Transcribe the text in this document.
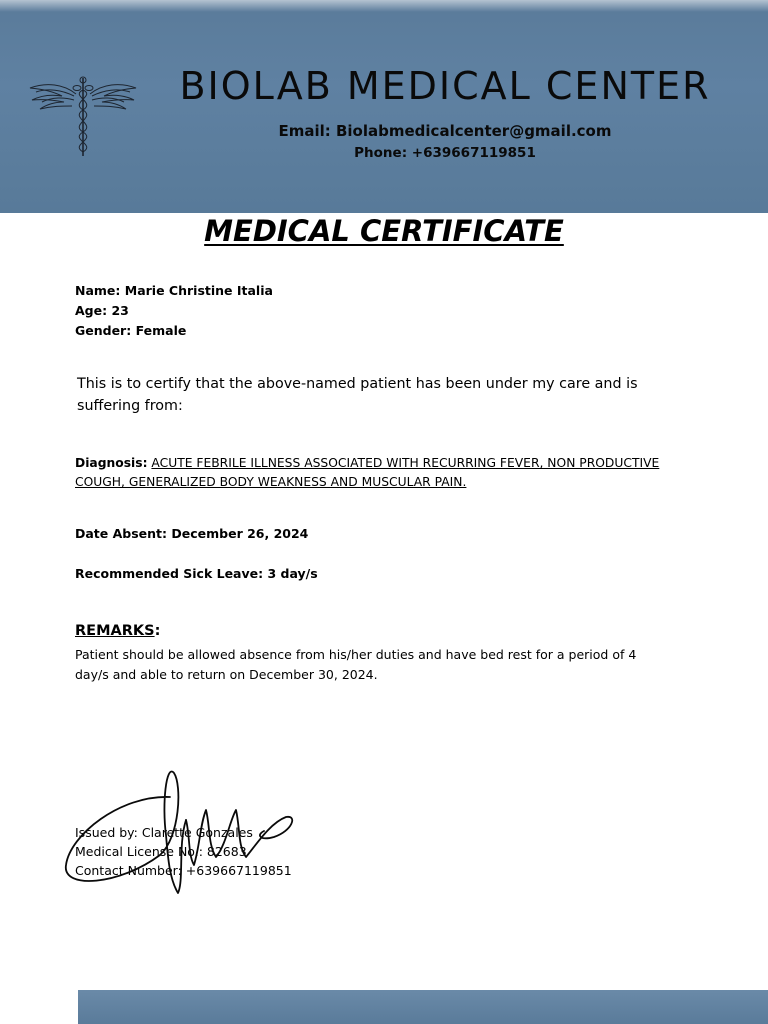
BIOLAB MEDICAL CENTER
Email: Biolabmedicalcenter@gmail.com
Phone: +639667119851
MEDICAL CERTIFICATE
Name: Marie Christine Italia
Age: 23
Gender: Female
This is to certify that the above-named patient has been under my care and is suffering from:
Diagnosis: ACUTE FEBRILE ILLNESS ASSOCIATED WITH RECURRING FEVER, NON PRODUCTIVE COUGH, GENERALIZED BODY WEAKNESS AND MUSCULAR PAIN.
Date Absent: December 26, 2024
Recommended Sick Leave: 3 day/s
REMARKS:
Patient should be allowed absence from his/her duties and have bed rest for a period of 4 day/s and able to return on December 30, 2024.
Issued by: Clarette Gonzales
Medical License No.: 82683
Contact Number: +639667119851
